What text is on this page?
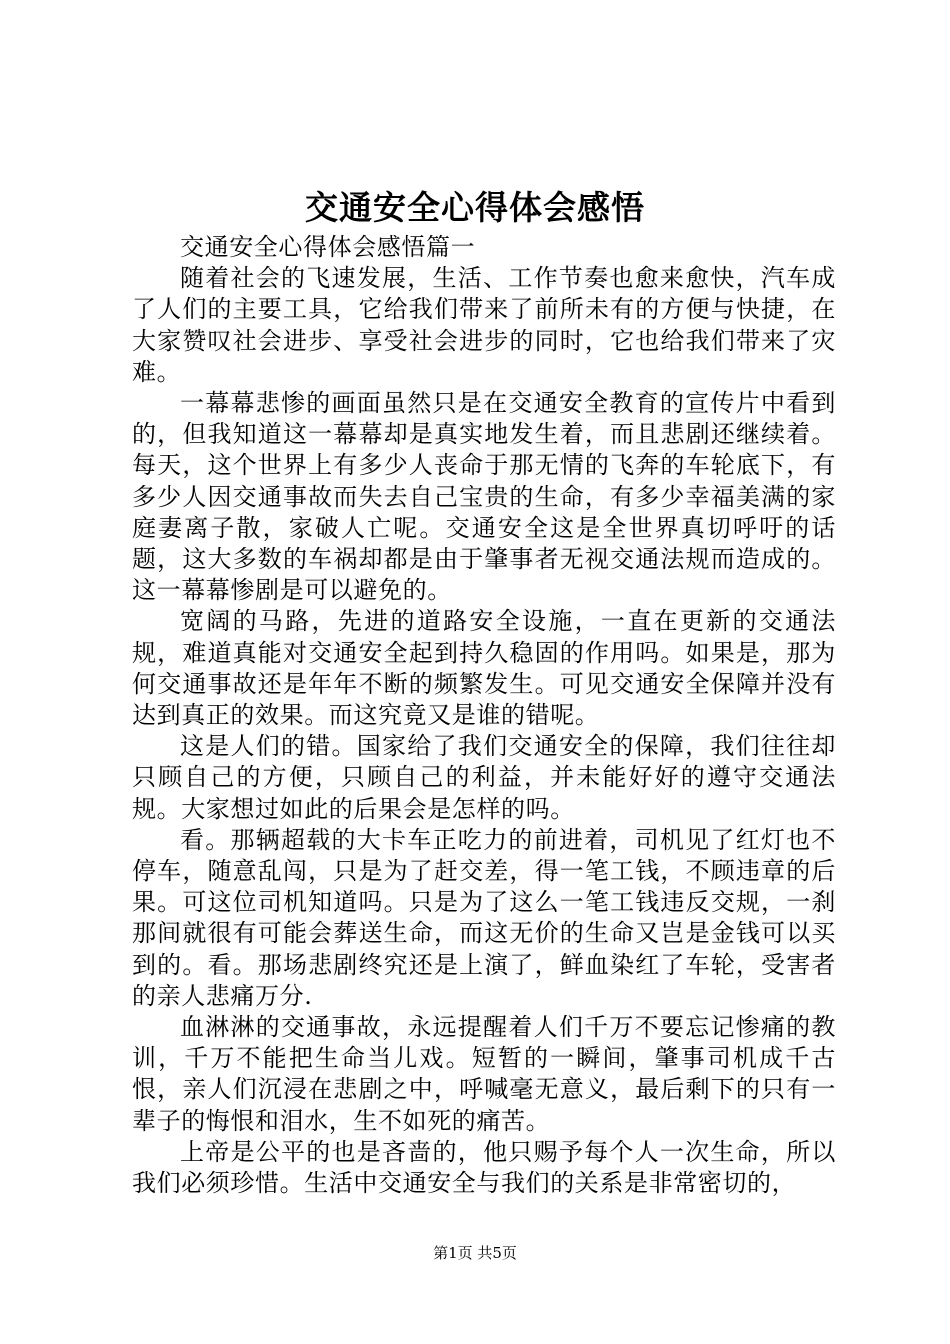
交通安全心得体会感悟

交通安全心得体会感悟篇一

随着社会的飞速发展，生活、工作节奏也愈来愈快，汽车成了人们的主要工具，它给我们带来了前所未有的方便与快捷，在大家赞叹社会进步、享受社会进步的同时，它也给我们带来了灾难。

一幕幕悲惨的画面虽然只是在交通安全教育的宣传片中看到的，但我知道这一幕幕却是真实地发生着，而且悲剧还继续着。每天，这个世界上有多少人丧命于那无情的飞奔的车轮底下，有多少人因交通事故而失去自己宝贵的生命，有多少幸福美满的家庭妻离子散，家破人亡呢。交通安全这是全世界真切呼吁的话题，这大多数的车祸却都是由于肇事者无视交通法规而造成的。这一幕幕惨剧是可以避免的。

宽阔的马路，先进的道路安全设施，一直在更新的交通法规，难道真能对交通安全起到持久稳固的作用吗。如果是，那为何交通事故还是年年不断的频繁发生。可见交通安全保障并没有达到真正的效果。而这究竟又是谁的错呢。

这是人们的错。国家给了我们交通安全的保障，我们往往却只顾自己的方便，只顾自己的利益，并未能好好的遵守交通法规。大家想过如此的后果会是怎样的吗。

看。那辆超载的大卡车正吃力的前进着，司机见了红灯也不停车，随意乱闯，只是为了赶交差，得一笔工钱，不顾违章的后果。可这位司机知道吗。只是为了这么一笔工钱违反交规，一刹那间就很有可能会葬送生命，而这无价的生命又岂是金钱可以买到的。看。那场悲剧终究还是上演了，鲜血染红了车轮，受害者的亲人悲痛万分.

血淋淋的交通事故，永远提醒着人们千万不要忘记惨痛的教训，千万不能把生命当儿戏。短暂的一瞬间，肇事司机成千古恨，亲人们沉浸在悲剧之中，呼喊毫无意义，最后剩下的只有一辈子的悔恨和泪水，生不如死的痛苦。

上帝是公平的也是吝啬的，他只赐予每个人一次生命，所以我们必须珍惜。生活中交通安全与我们的关系是非常密切的，

第1页 共5页
